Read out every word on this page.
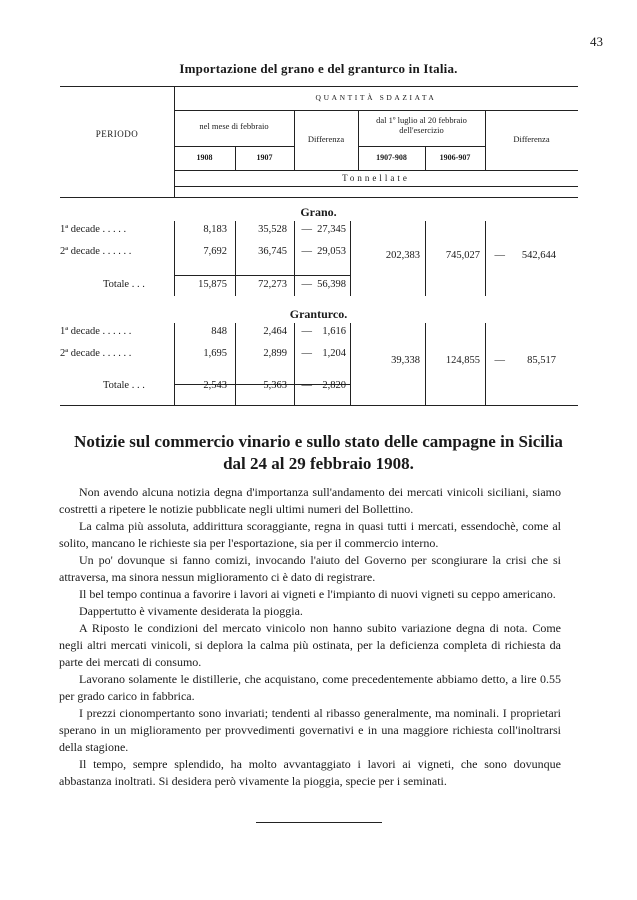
43
Importazione del grano e del granturco in Italia.
PERIODO
QUANTITÀ SDAZIATA
nel mese di febbraio
Differenza
dal 1º luglio al 20 febbraio dell'esercizio
Differenza
1908	1907	1907-908	1906-907
Tonnellate
Grano.
1ª decade . . . . .	8,183	35,528	— 27,345
2ª decade . . . . . .	7,692	36,745	— 29,053
Totale . . .	15,875	72,273	— 56,398
202,383	745,027	—	542,644
Granturco.
1ª decade . . . . . .	848	2,464	— 1,616
2ª decade . . . . . .	1,695	2,899	— 1,204
Totale . . .	2,543	5,363	— 2,820
39,338	124,855	—	85,517
Notizie sul commercio vinario e sullo stato delle campagne in Sicilia
dal 24 al 29 febbraio 1908.

Non avendo alcuna notizia degna d'importanza sull'andamento dei mercati vinicoli siciliani, siamo costretti a ripetere le notizie pubblicate negli ultimi numeri del Bollettino.

La calma più assoluta, addirittura scoraggiante, regna in quasi tutti i mercati, essendochè, come al solito, mancano le richieste sia per l'esportazione, sia per il commercio interno.

Un po' dovunque si fanno comizi, invocando l'aiuto del Governo per scongiurare la crisi che si attraversa, ma sinora nessun miglioramento ci è dato di registrare.

Il bel tempo continua a favorire i lavori ai vigneti e l'impianto di nuovi vigneti su ceppo americano.

Dappertutto è vivamente desiderata la pioggia.

A Riposto le condizioni del mercato vinicolo non hanno subito variazione degna di nota. Come negli altri mercati vinicoli, si deplora la calma più ostinata, per la deficienza completa di richiesta da parte dei mercati di consumo.

Lavorano solamente le distillerie, che acquistano, come precedentemente abbiamo detto, a lire 0.55 per grado carico in fabbrica.

I prezzi cionompertanto sono invariati; tendenti al ribasso generalmente, ma nominali. I proprietari sperano in un miglioramento per provvedimenti governativi e in una maggiore richiesta coll'inoltrarsi della stagione.

Il tempo, sempre splendido, ha molto avvantaggiato i lavori ai vigneti, che sono dovunque abbastanza inoltrati. Si desidera però vivamente la pioggia, specie per i seminati.
